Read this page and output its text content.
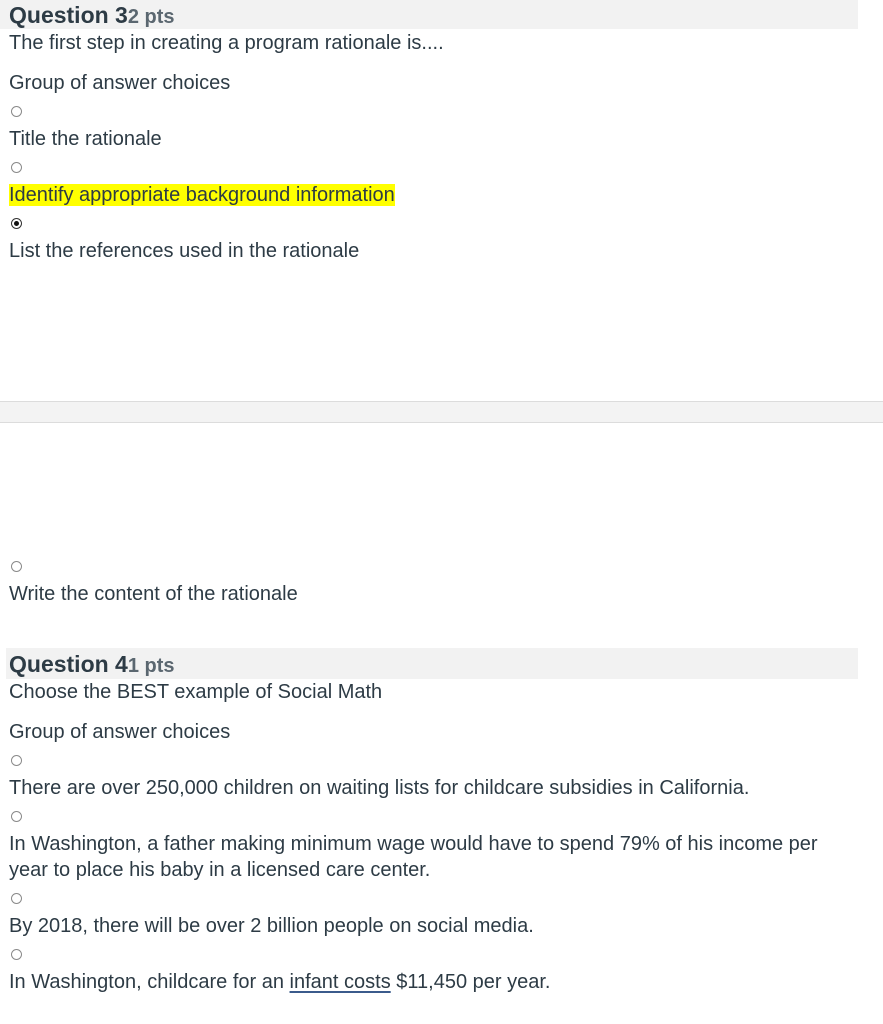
Question 32 pts
The first step in creating a program rationale is....
Group of answer choices
Title the rationale
Identify appropriate background information
List the references used in the rationale
Write the content of the rationale
Question 41 pts
Choose the BEST example of Social Math
Group of answer choices
There are over 250,000 children on waiting lists for childcare subsidies in California.
In Washington, a father making minimum wage would have to spend 79% of his income per year to place his baby in a licensed care center.
By 2018, there will be over 2 billion people on social media.
In Washington, childcare for an infant costs $11,450 per year.
